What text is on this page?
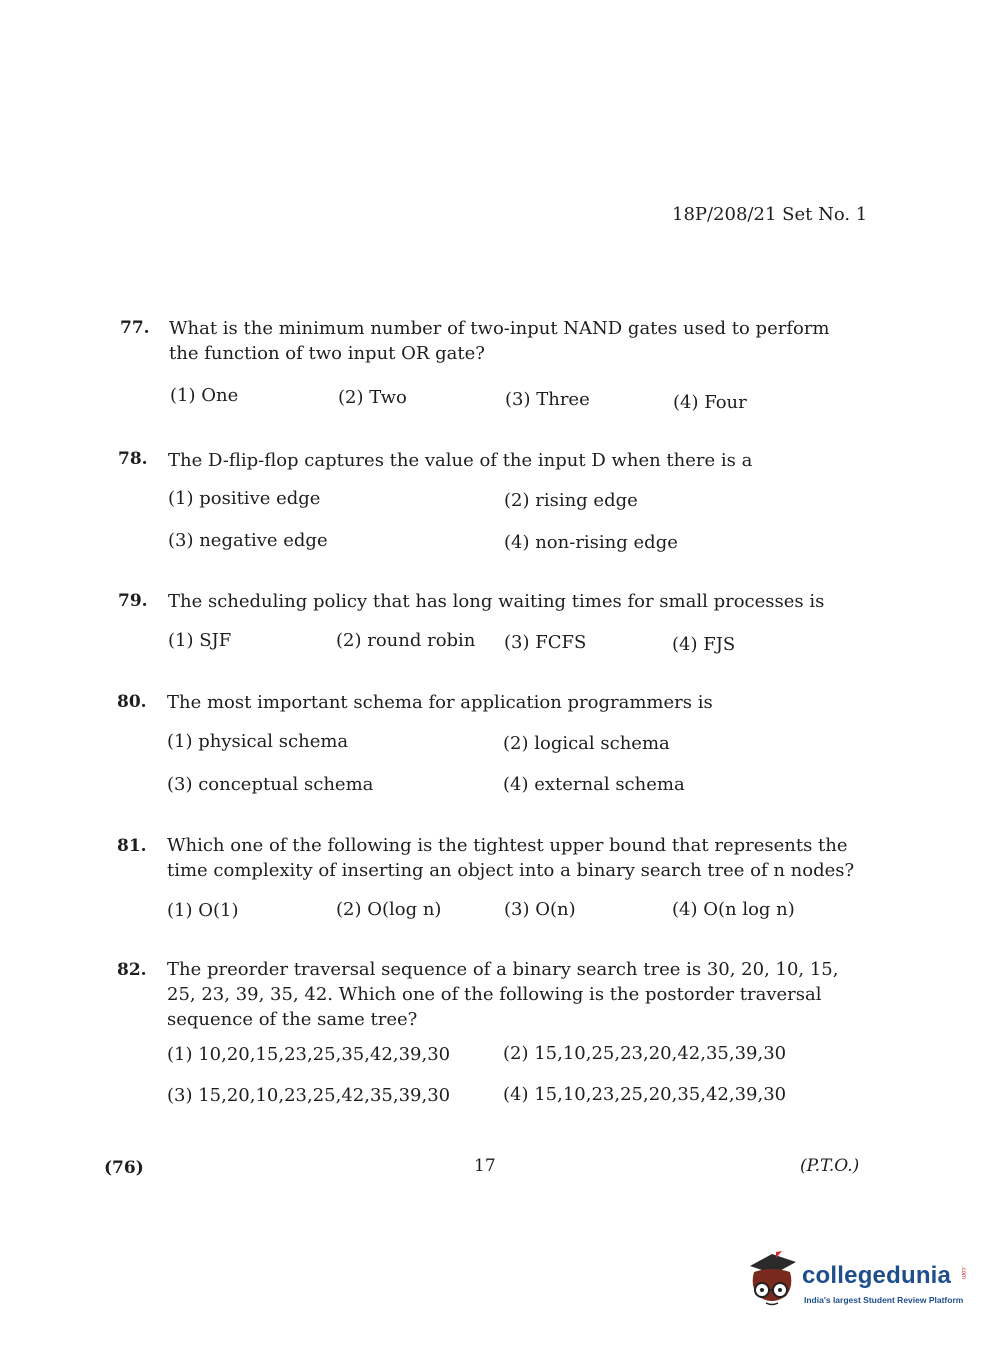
18P/208/21 Set No. 1
77. What is the minimum number of two-input NAND gates used to perform the function of two input OR gate?
(1) One	(2) Two	(3) Three	(4) Four
78. The D-flip-flop captures the value of the input D when there is a
(1) positive edge	(2) rising edge
(3) negative edge	(4) non-rising edge
79. The scheduling policy that has long waiting times for small processes is
(1) SJF	(2) round robin (3) FCFS	(4) FJS
80. The most important schema for application programmers is
(1) physical schema	(2) logical schema
(3) conceptual schema	(4) external schema
81. Which one of the following is the tightest upper bound that represents the time complexity of inserting an object into a binary search tree of n nodes?
(1) O(1)	(2) O(log n)	(3) O(n)	(4) O(n log n)
82. The preorder traversal sequence of a binary search tree is 30, 20, 10, 15, 25, 23, 39, 35, 42. Which one of the following is the postorder traversal sequence of the same tree?
(1) 10,20,15,23,25,35,42,39,30	(2) 15,10,25,23,20,42,35,39,30
(3) 15,20,10,23,25,42,35,39,30	(4) 15,10,23,25,20,35,42,39,30
(76)	17	(P.T.O.)
collegedunia .com
India's largest Student Review Platform
